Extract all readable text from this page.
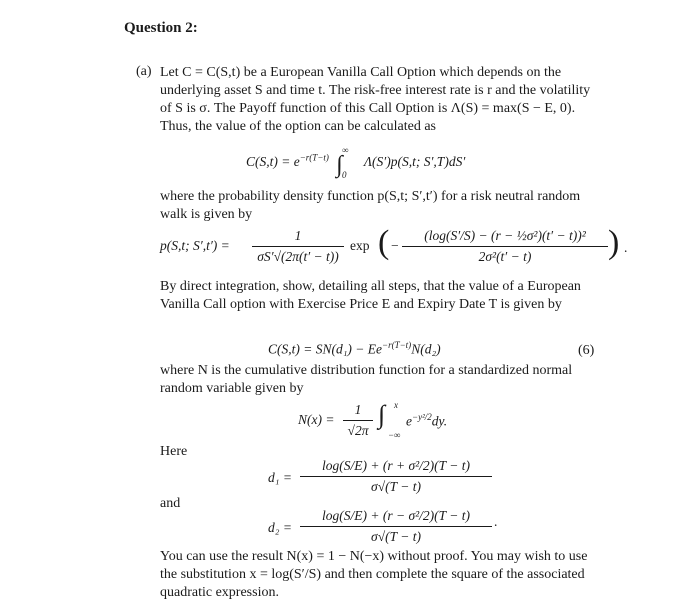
Question 2:
(a) Let C = C(S,t) be a European Vanilla Call Option which depends on the underlying asset S and time t. The risk-free interest rate is r and the volatility of S is σ. The Payoff function of this Call Option is Λ(S) = max(S − E, 0). Thus, the value of the option can be calculated as

$C(S,t) = e^{-r(T-t)}$ ∫ ∞ $_0$ Λ(S′)p(S,t; S′,T)dS′

where the probability density function p(S,t; S′,t′) for a risk neutral random walk is given by

p(S,t; S′,t′) =
1
σS′√(2π(t′ − t))
exp ( −
(log(S′/S) − (r − ½σ²)(t′ − t))²
2σ²(t′ − t)	) .

By direct integration, show, detailing all steps, that the value of a European Vanilla Call option with Exercise Price E and Expiry Date T is given by

$C(S,t) = SN(d_1) - Ee^{-r(T-t)}N(d_2)$	(6)

where N is the cumulative distribution function for a standardized normal random variable given by

N(x) =
1
√2π
∫ x
−∞
$e^{-y^2/2}dy$.
Here
d₁ =
log(S/E) + (r + σ²/2)(T − t)
σ√(T − t)
and
d₂ =
log(S/E) + (r − σ²/2)(T − t)
σ√(T − t)
.

You can use the result N(x) = 1 − N(−x) without proof. You may wish to use the substitution x = log(S′/S) and then complete the square of the associated quadratic expression.
